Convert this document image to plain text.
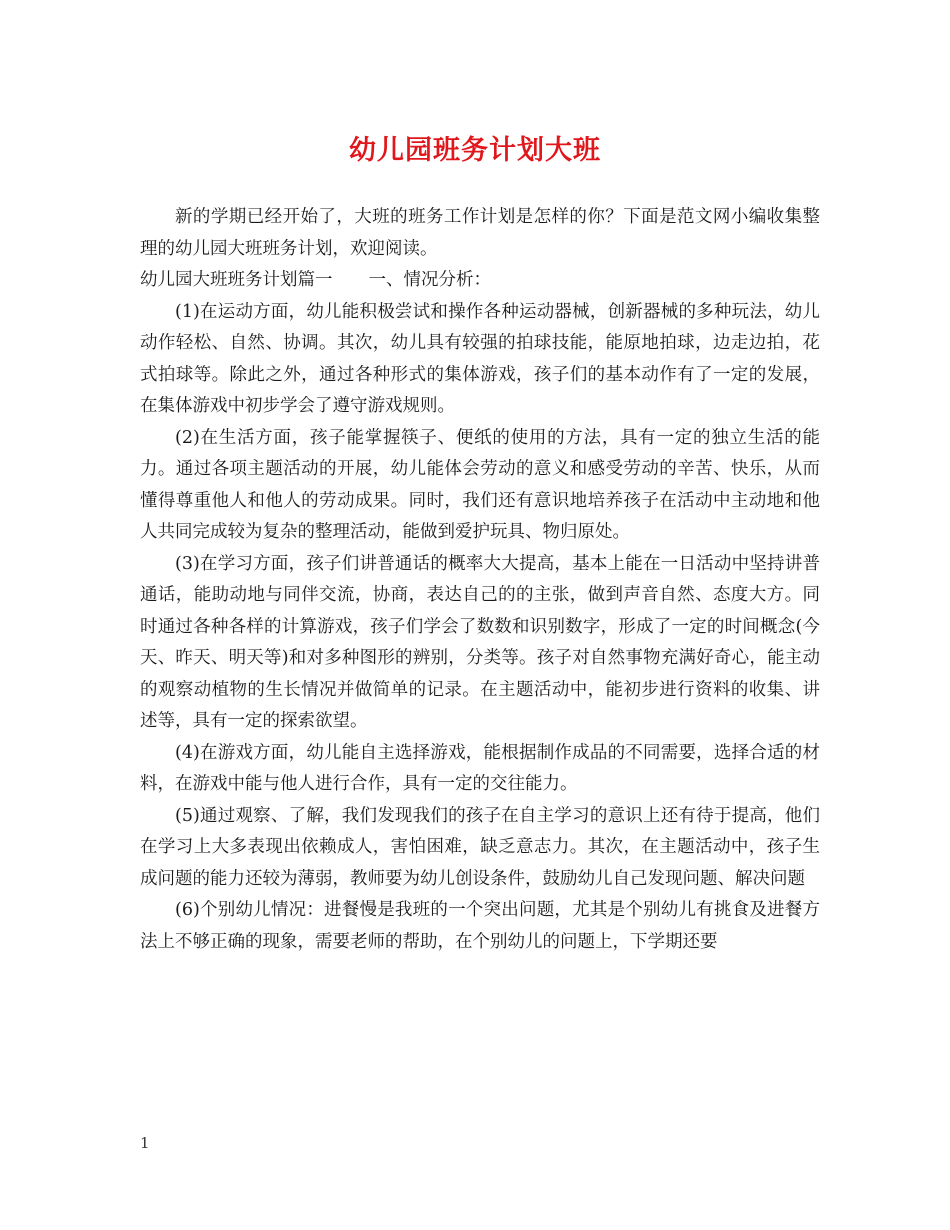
幼儿园班务计划大班

新的学期已经开始了，大班的班务工作计划是怎样的你？下面是范文网小编收集整理的幼儿园大班班务计划，欢迎阅读。

幼儿园大班班务计划篇一 一、情况分析：

(1)在运动方面，幼儿能积极尝试和操作各种运动器械，创新器械的多种玩法，幼儿动作轻松、自然、协调。其次，幼儿具有较强的拍球技能，能原地拍球，边走边拍，花式拍球等。除此之外，通过各种形式的集体游戏，孩子们的基本动作有了一定的发展，在集体游戏中初步学会了遵守游戏规则。

(2)在生活方面，孩子能掌握筷子、便纸的使用的方法，具有一定的独立生活的能力。通过各项主题活动的开展，幼儿能体会劳动的意义和感受劳动的辛苦、快乐，从而懂得尊重他人和他人的劳动成果。同时，我们还有意识地培养孩子在活动中主动地和他人共同完成较为复杂的整理活动，能做到爱护玩具、物归原处。

(3)在学习方面，孩子们讲普通话的概率大大提高，基本上能在一日活动中坚持讲普通话，能助动地与同伴交流，协商，表达自己的的主张，做到声音自然、态度大方。同时通过各种各样的计算游戏，孩子们学会了数数和识别数字，形成了一定的时间概念(今天、昨天、明天等)和对多种图形的辨别，分类等。孩子对自然事物充满好奇心，能主动的观察动植物的生长情况并做简单的记录。在主题活动中，能初步进行资料的收集、讲述等，具有一定的探索欲望。

(4)在游戏方面，幼儿能自主选择游戏，能根据制作成品的不同需要，选择合适的材料，在游戏中能与他人进行合作，具有一定的交往能力。

(5)通过观察、了解，我们发现我们的孩子在自主学习的意识上还有待于提高，他们在学习上大多表现出依赖成人，害怕困难，缺乏意志力。其次，在主题活动中，孩子生成问题的能力还较为薄弱，教师要为幼儿创设条件，鼓励幼儿自己发现问题、解决问题

(6)个别幼儿情况：进餐慢是我班的一个突出问题，尤其是个别幼儿有挑食及进餐方法上不够正确的现象，需要老师的帮助，在个别幼儿的问题上，下学期还要

1
